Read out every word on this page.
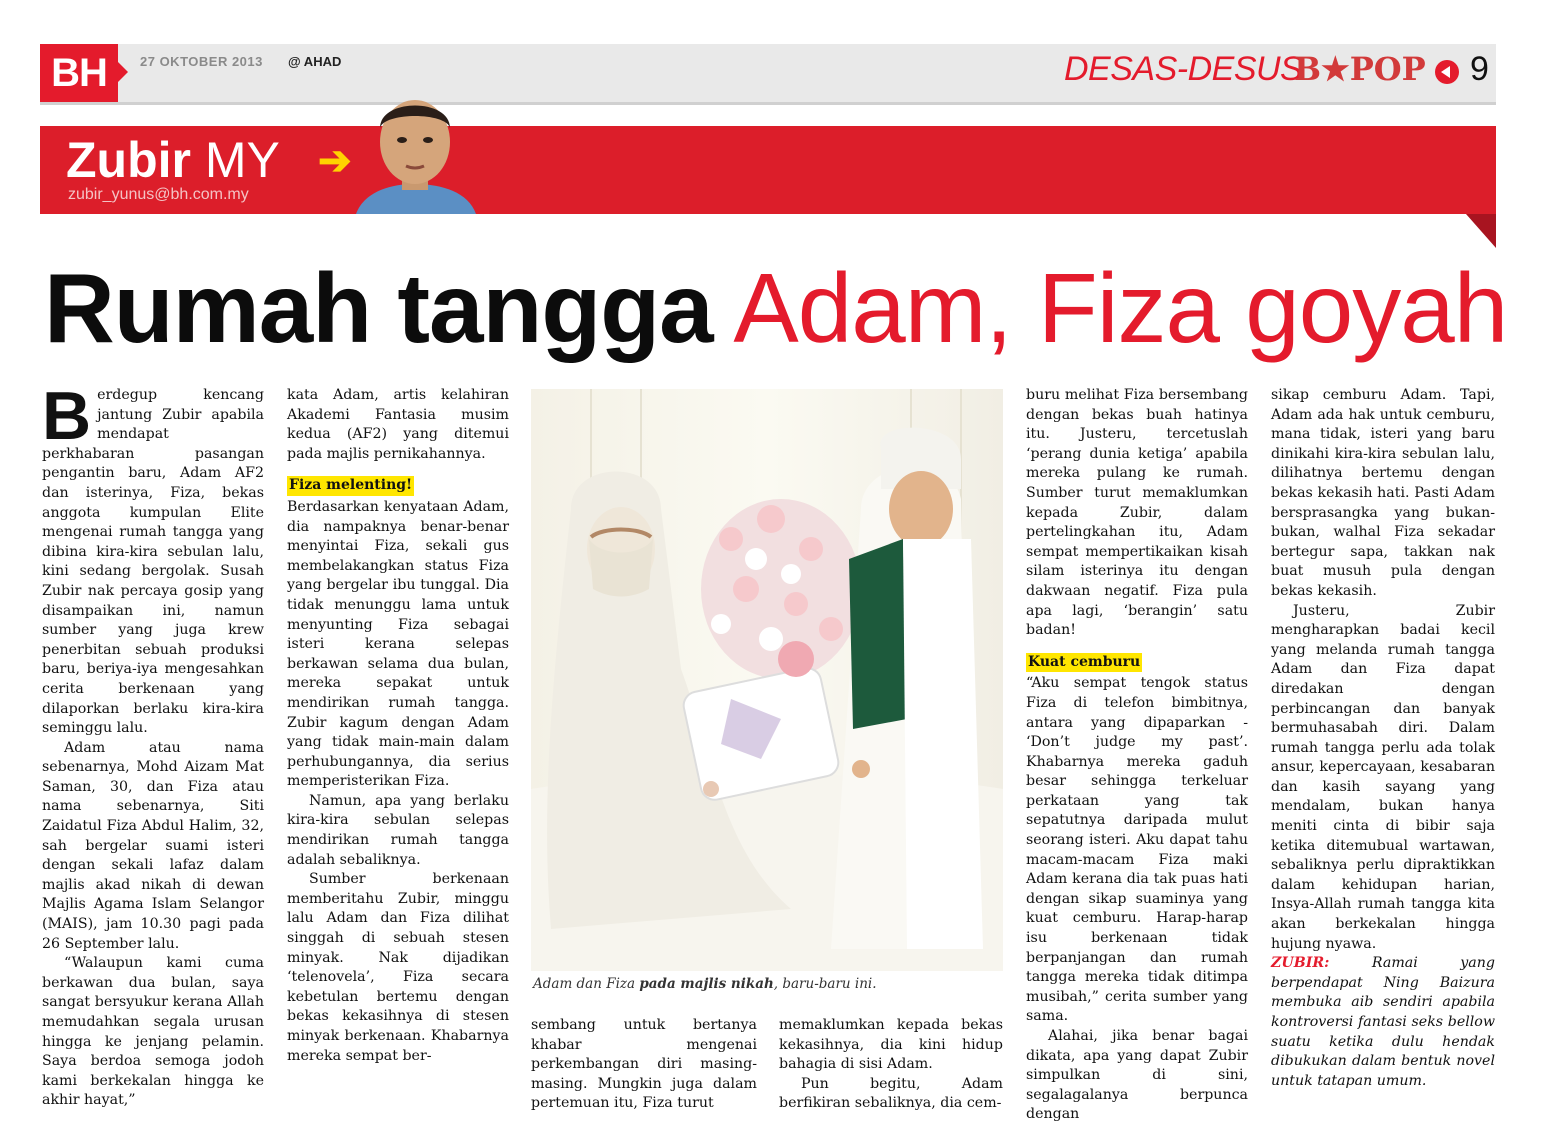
BH	27 OKTOBER 2013 @ AHAD	DESAS-DESUS
B★POP 9
Zubir MY ➔
zubir_yunus@bh.com.my
Rumah tangga Adam, Fiza goyah
B erdegup kencang jantung Zubir apabila mendapat perkhabaran pasangan pengantin baru, Adam AF2 dan isterinya, Fiza, bekas anggota kumpulan Elite mengenai rumah tangga yang dibina kira-kira sebulan lalu, kini sedang bergolak. Susah Zubir nak percaya gosip yang disampaikan ini, namun sumber yang juga krew penerbitan sebuah produksi baru, beriya-iya mengesahkan cerita berkenaan yang dilaporkan berlaku kira-kira seminggu lalu.

Adam atau nama sebenarnya, Mohd Aizam Mat Saman, 30, dan Fiza atau nama sebenarnya, Siti Zaidatul Fiza Abdul Halim, 32, sah bergelar suami isteri dengan sekali lafaz dalam majlis akad nikah di dewan Majlis Agama Islam Selangor (MAIS), jam 10.30 pagi pada 26 September lalu.

“Walaupun kami cuma berkawan dua bulan, saya sangat bersyukur kerana Allah memudahkan segala urusan hingga ke jenjang pelamin. Saya berdoa semoga jodoh kami berkekalan hingga ke akhir hayat,”

kata Adam, artis kelahiran Akademi Fantasia musim kedua (AF2) yang ditemui pada majlis pernikahannya.

Fiza melenting!

Berdasarkan kenyataan Adam, dia nampaknya benar-benar menyintai Fiza, sekali gus membelakangkan status Fiza yang bergelar ibu tunggal. Dia tidak menunggu lama untuk menyunting Fiza sebagai isteri kerana selepas berkawan selama dua bulan, mereka sepakat untuk mendirikan rumah tangga. Zubir kagum dengan Adam yang tidak main-main dalam perhubungannya, dia serius memperisterikan Fiza.

Namun, apa yang berlaku kira-kira sebulan selepas mendirikan rumah tangga adalah sebaliknya.

Sumber berkenaan memberitahu Zubir, minggu lalu Adam dan Fiza dilihat singgah di sebuah stesen minyak. Nak dijadikan ‘telenovela’, Fiza secara kebetulan bertemu dengan bekas kekasihnya di stesen minyak berkenaan. Khabarnya mereka sempat ber-

Adam dan Fiza pada majlis nikah, baru-baru ini.

sembang untuk bertanya khabar mengenai perkembangan diri masing-masing. Mungkin juga dalam pertemuan itu, Fiza turut

memaklumkan kepada bekas kekasihnya, dia kini hidup bahagia di sisi Adam.

Pun begitu, Adam berfikiran sebaliknya, dia cem-

buru melihat Fiza bersembang dengan bekas buah hatinya itu. Justeru, tercetuslah ‘perang dunia ketiga’ apabila mereka pulang ke rumah. Sumber turut memaklumkan kepada Zubir, dalam pertelingkahan itu, Adam sempat mempertikaikan kisah silam isterinya itu dengan dakwaan negatif. Fiza pula apa lagi, ‘berangin’ satu badan!

Kuat cemburu

“Aku sempat tengok status Fiza di telefon bimbitnya, antara yang dipaparkan - ‘Don’t judge my past’. Khabarnya mereka gaduh besar sehingga terkeluar perkataan yang tak sepatutnya daripada mulut seorang isteri. Aku dapat tahu macam-macam Fiza maki Adam kerana dia tak puas hati dengan sikap suaminya yang kuat cemburu. Harap-harap isu berkenaan tidak berpanjangan dan rumah tangga mereka tidak ditimpa musibah,” cerita sumber yang sama.

Alahai, jika benar bagai dikata, apa yang dapat Zubir simpulkan di sini, segalagalanya berpunca dengan

sikap cemburu Adam. Tapi, Adam ada hak untuk cemburu, mana tidak, isteri yang baru dinikahi kira-kira sebulan lalu, dilihatnya bertemu dengan bekas kekasih hati. Pasti Adam bersprasangka yang bukan-bukan, walhal Fiza sekadar bertegur sapa, takkan nak buat musuh pula dengan bekas kekasih.

Justeru, Zubir mengharapkan badai kecil yang melanda rumah tangga Adam dan Fiza dapat diredakan dengan perbincangan dan banyak bermuhasabah diri. Dalam rumah tangga perlu ada tolak ansur, kepercayaan, kesabaran dan kasih sayang yang mendalam, bukan hanya meniti cinta di bibir saja ketika ditemubual wartawan, sebaliknya perlu dipraktikkan dalam kehidupan harian, Insya-Allah rumah tangga kita akan berkekalan hingga hujung nyawa.

ZUBIR: Ramai yang berpendapat Ning Baizura membuka aib sendiri apabila kontroversi fantasi seks bellow suatu ketika dulu hendak dibukukan dalam bentuk novel untuk tatapan umum.
